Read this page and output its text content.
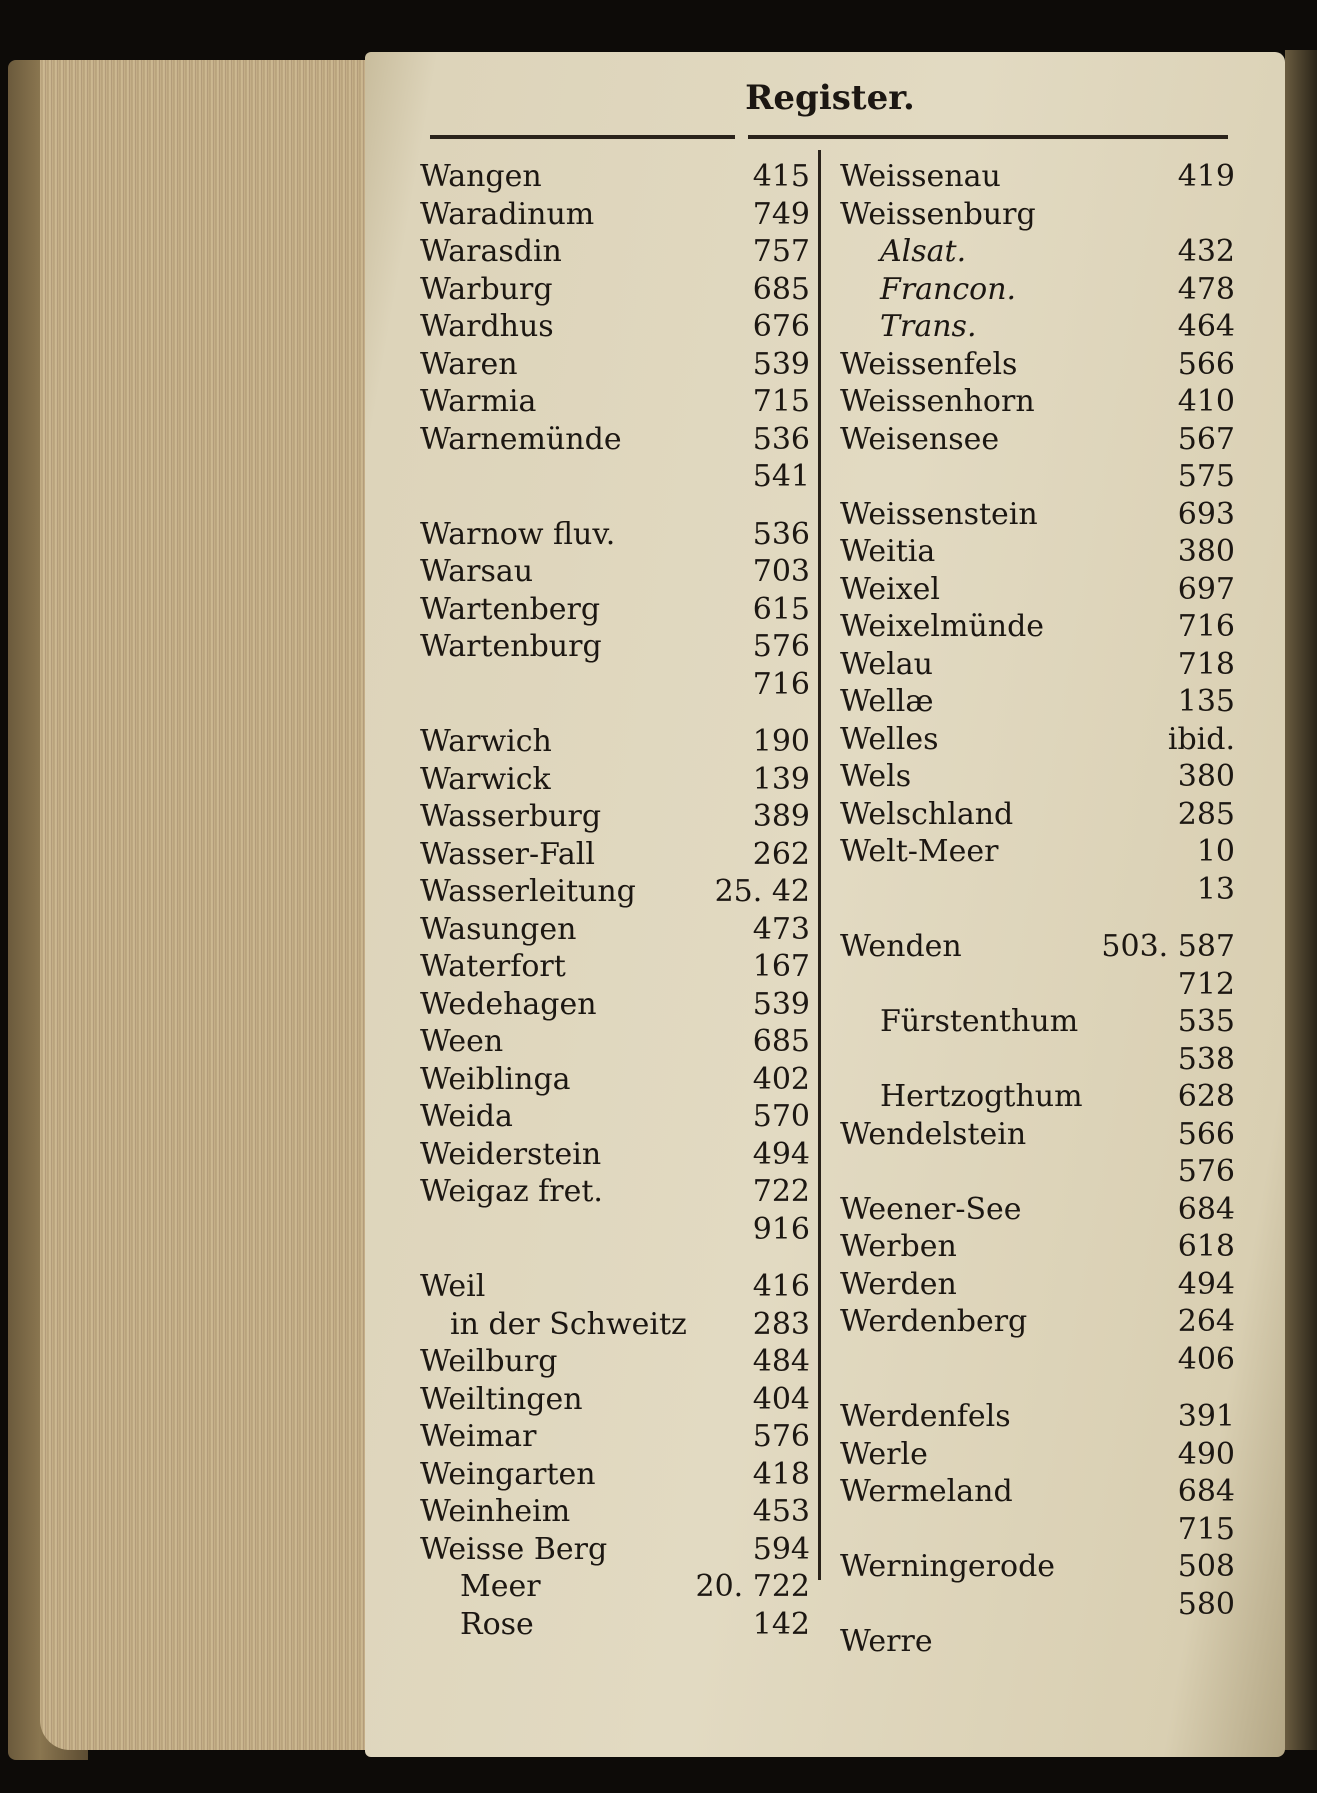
Register.
Wangen	415
Waradinum	749
Warasdin	757
Warburg	685
Wardhus	676
Waren	539
Warmia	715
Warnemünde	536
541
Warnow fluv.	536
Warsau	703
Wartenberg	615
Wartenburg	576
716
Warwich	190
Warwick	139
Wasserburg	389
Wasser-Fall	262
Wasserleitung	25. 42
Wasungen	473
Waterfort	167
Wedehagen	539
Ween	685
Weiblinga	402
Weida	570
Weiderstein	494
Weigaz fret.	722
916
Weil	416
in der Schweitz 283
Weilburg	484
Weiltingen	404
Weimar	576
Weingarten	418
Weinheim	453
Weisse Berg	594
Meer	20. 722
Rose	142
Weissenau	419
Weissenburg
Alsat.	432
Francon.	478
Trans.	464
Weissenfels	566
Weissenhorn	410
Weisensee	567
575
Weissenstein	693
Weitia	380
Weixel	697
Weixelmünde	716
Welau	718
Wellæ	135
Welles	ibid.
Wels	380
Welschland	285
Welt-Meer	10
13
Wenden	503. 587
712
Fürstenthum	535
538
Hertzogthum	628
Wendelstein	566
576
Weener-See	684
Werben	618
Werden	494
Werdenberg	264
406
Werdenfels	391
Werle	490
Wermeland	684
715
Werningerode	508
580
Werre
